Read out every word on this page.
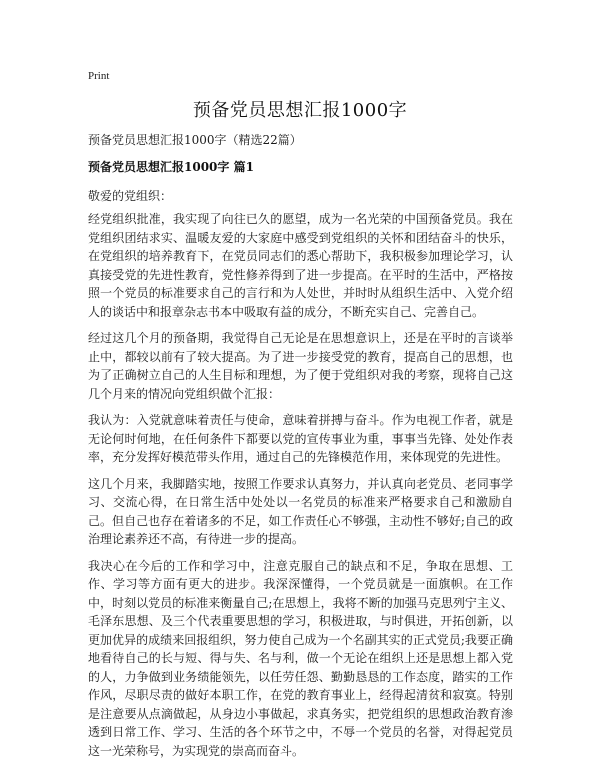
Print
预备党员思想汇报1000字
预备党员思想汇报1000字（精选22篇）
预备党员思想汇报1000字 篇1
敬爱的党组织：

经党组织批准，我实现了向往已久的愿望，成为一名光荣的中国预备党员。我在党组织团结求实、温暖友爱的大家庭中感受到党组织的关怀和团结奋斗的快乐，在党组织的培养教育下，在党员同志们的悉心帮助下，我积极参加理论学习，认真接受党的先进性教育，党性修养得到了进一步提高。在平时的生活中，严格按照一个党员的标准要求自己的言行和为人处世，并时时从组织生活中、入党介绍人的谈话中和报章杂志书本中吸取有益的成分，不断充实自己、完善自己。

经过这几个月的预备期，我觉得自己无论是在思想意识上，还是在平时的言谈举止中，都较以前有了较大提高。为了进一步接受党的教育，提高自己的思想，也为了正确树立自己的人生目标和理想，为了便于党组织对我的考察，现将自己这几个月来的情况向党组织做个汇报：

我认为：入党就意味着责任与使命，意味着拼搏与奋斗。作为电视工作者，就是无论何时何地，在任何条件下都要以党的宣传事业为重，事事当先锋、处处作表率，充分发挥好模范带头作用，通过自己的先锋模范作用，来体现党的先进性。

这几个月来，我脚踏实地，按照工作要求认真努力，并认真向老党员、老同事学习、交流心得，在日常生活中处处以一名党员的标准来严格要求自己和激励自己。但自己也存在着诸多的不足，如工作责任心不够强，主动性不够好;自己的政治理论素养还不高，有待进一步的提高。

我决心在今后的工作和学习中，注意克服自己的缺点和不足，争取在思想、工作、学习等方面有更大的进步。我深深懂得，一个党员就是一面旗帜。在工作中，时刻以党员的标准来衡量自己;在思想上，我将不断的加强马克思列宁主义、毛泽东思想、及三个代表重要思想的学习，积极进取，与时俱进，开拓创新，以更加优异的成绩来回报组织，努力使自己成为一个名副其实的正式党员;我要正确地看待自己的长与短、得与失、名与利，做一个无论在组织上还是思想上都入党的人，力争做到业务绩能领先，以任劳任怨、勤勤恳恳的工作态度，踏实的工作作风，尽职尽责的做好本职工作，在党的教育事业上，经得起清贫和寂寞。特别是注意要从点滴做起，从身边小事做起，求真务实，把党组织的思想政治教育渗透到日常工作、学习、生活的各个环节之中，不辱一个党员的名誉，对得起党员这一光荣称号，为实现党的崇高而奋斗。
